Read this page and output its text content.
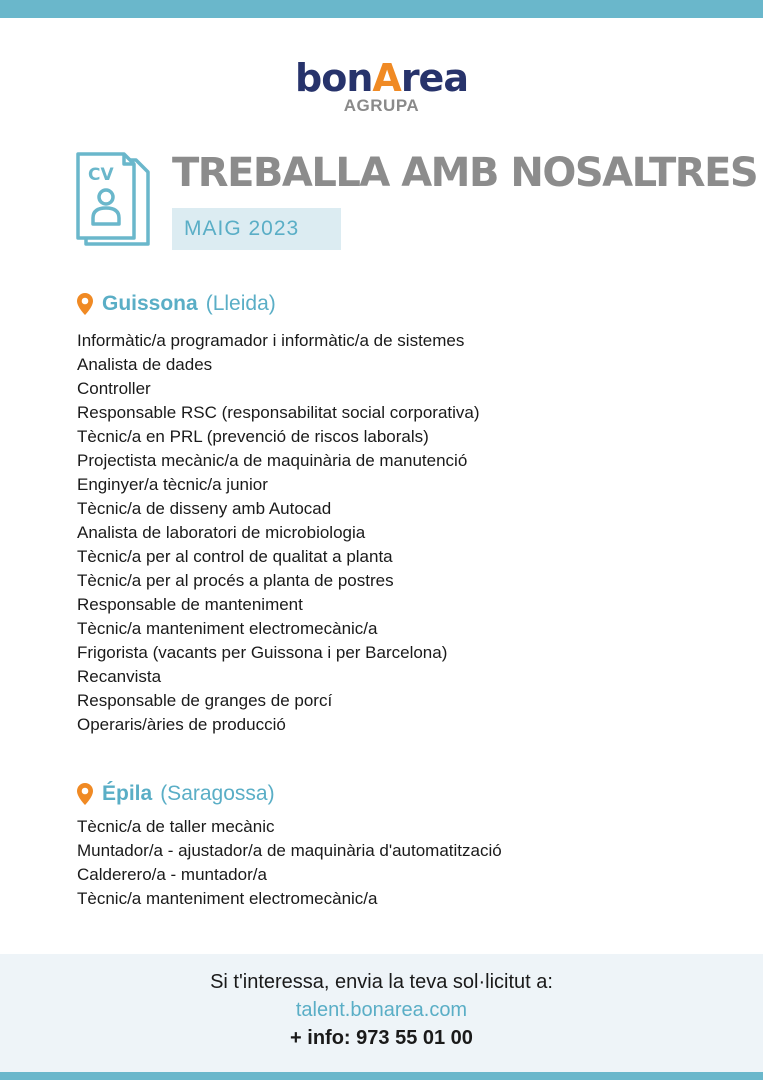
bonArea
AGRUPA
CV TREBALLA AMB NOSALTRES
MAIG 2023
Guissona (Lleida)
Informàtic/a programador i informàtic/a de sistemes
Analista de dades
Controller
Responsable RSC (responsabilitat social corporativa)
Tècnic/a en PRL (prevenció de riscos laborals)
Projectista mecànic/a de maquinària de manutenció
Enginyer/a tècnic/a junior
Tècnic/a de disseny amb Autocad
Analista de laboratori de microbiologia
Tècnic/a per al control de qualitat a planta
Tècnic/a per al procés a planta de postres
Responsable de manteniment
Tècnic/a manteniment electromecànic/a
Frigorista (vacants per Guissona i per Barcelona)
Recanvista
Responsable de granges de porcí
Operaris/àries de producció
Épila (Saragossa)
Tècnic/a de taller mecànic
Muntador/a - ajustador/a de maquinària d'automatització
Calderero/a - muntador/a
Tècnic/a manteniment electromecànic/a
Si t'interessa, envia la teva sol·licitut a:
talent.bonarea.com
+ info: 973 55 01 00
